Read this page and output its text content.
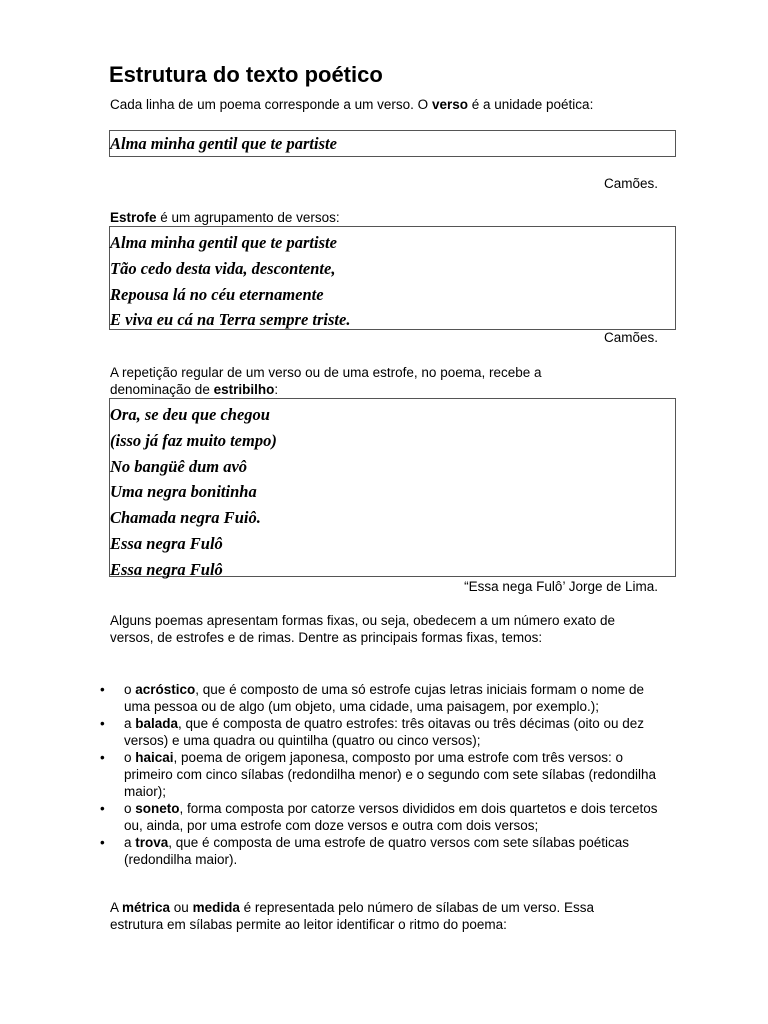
Estrutura do texto poético

Cada linha de um poema corresponde a um verso. O verso é a unidade poética:

Alma minha gentil que te partiste

Camões.

Estrofe é um agrupamento de versos:

Alma minha gentil que te partiste

Tão cedo desta vida, descontente,

Repousa lá no céu eternamente

E viva eu cá na Terra sempre triste.

Camões.

A repetição regular de um verso ou de uma estrofe, no poema, recebe a denominação de estribilho:

Ora, se deu que chegou

(isso já faz muito tempo)

No bangüê dum avô

Uma negra bonitinha

Chamada negra Fuiô.

Essa negra Fulô

Essa negra Fulô

“Essa nega Fulô’ Jorge de Lima.

Alguns poemas apresentam formas fixas, ou seja, obedecem a um número exato de versos, de estrofes e de rimas. Dentre as principais formas fixas, temos:

• o acróstico, que é composto de uma só estrofe cujas letras iniciais formam o nome de uma pessoa ou de algo (um objeto, uma cidade, uma paisagem, por exemplo.);
• a balada, que é composta de quatro estrofes: três oitavas ou três décimas (oito ou dez versos) e uma quadra ou quintilha (quatro ou cinco versos);
• o haicai, poema de origem japonesa, composto por uma estrofe com três versos: o primeiro com cinco sílabas (redondilha menor) e o segundo com sete sílabas (redondilha maior);
• o soneto, forma composta por catorze versos divididos em dois quartetos e dois tercetos ou, ainda, por uma estrofe com doze versos e outra com dois versos;
• a trova, que é composta de uma estrofe de quatro versos com sete sílabas poéticas (redondilha maior).

A métrica ou medida é representada pelo número de sílabas de um verso. Essa estrutura em sílabas permite ao leitor identificar o ritmo do poema:
